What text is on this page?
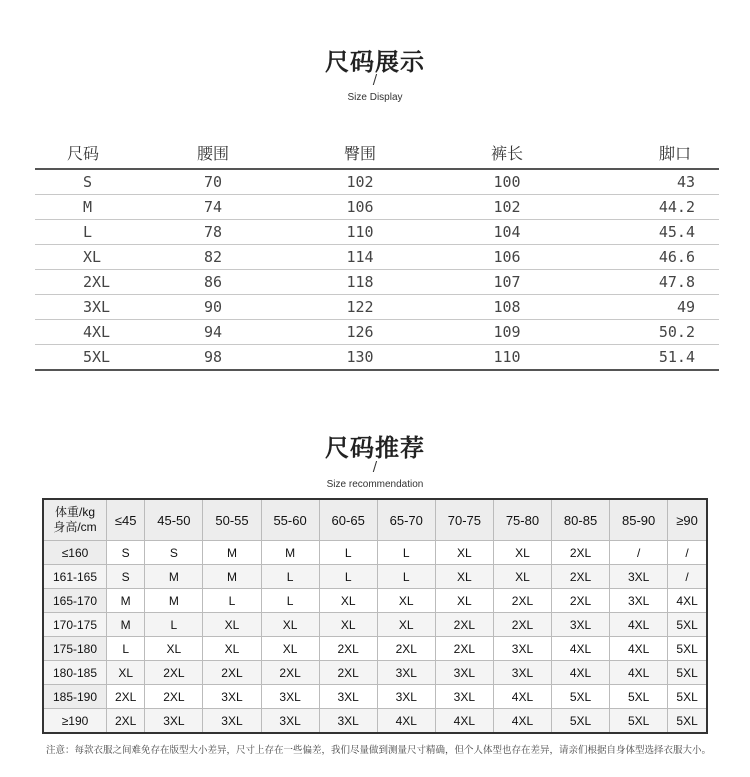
尺码展示
/
Size Display
尺码	腰围	臀围	裤长	脚口
S	70	102	100	43
M	74	106	102	44.2
L	78	110	104	45.4
XL	82	114	106	46.6
2XL	86	118	107	47.8
3XL	90	122	108	49
4XL	94	126	109	50.2
5XL	98	130	110	51.4
尺码推荐
/
Size recommendation
体重/kg
身高/cm	≤45	45-50	50-55	55-60	60-65	65-70	70-75	75-80	80-85	85-90	≥90
≤160	S	S	M	M	L	L	XL	XL	2XL	/	/
161-165	S	M	M	L	L	L	XL	XL	2XL	3XL	/
165-170	M	M	L	L	XL	XL	XL	2XL	2XL	3XL	4XL
170-175	M	L	XL	XL	XL	XL	2XL	2XL	3XL	4XL	5XL
175-180	L	XL	XL	XL	2XL	2XL	2XL	3XL	4XL	4XL	5XL
180-185	XL	2XL	2XL	2XL	2XL	3XL	3XL	3XL	4XL	4XL	5XL
185-190	2XL	2XL	3XL	3XL	3XL	3XL	3XL	4XL	5XL	5XL	5XL
≥190	2XL	3XL	3XL	3XL	3XL	4XL	4XL	4XL	5XL	5XL	5XL
注意：每款衣服之间难免存在版型大小差异，尺寸上存在一些偏差，我们尽量做到测量尺寸精确，但个人体型也存在差异，请亲们根据自身体型选择衣服大小。
